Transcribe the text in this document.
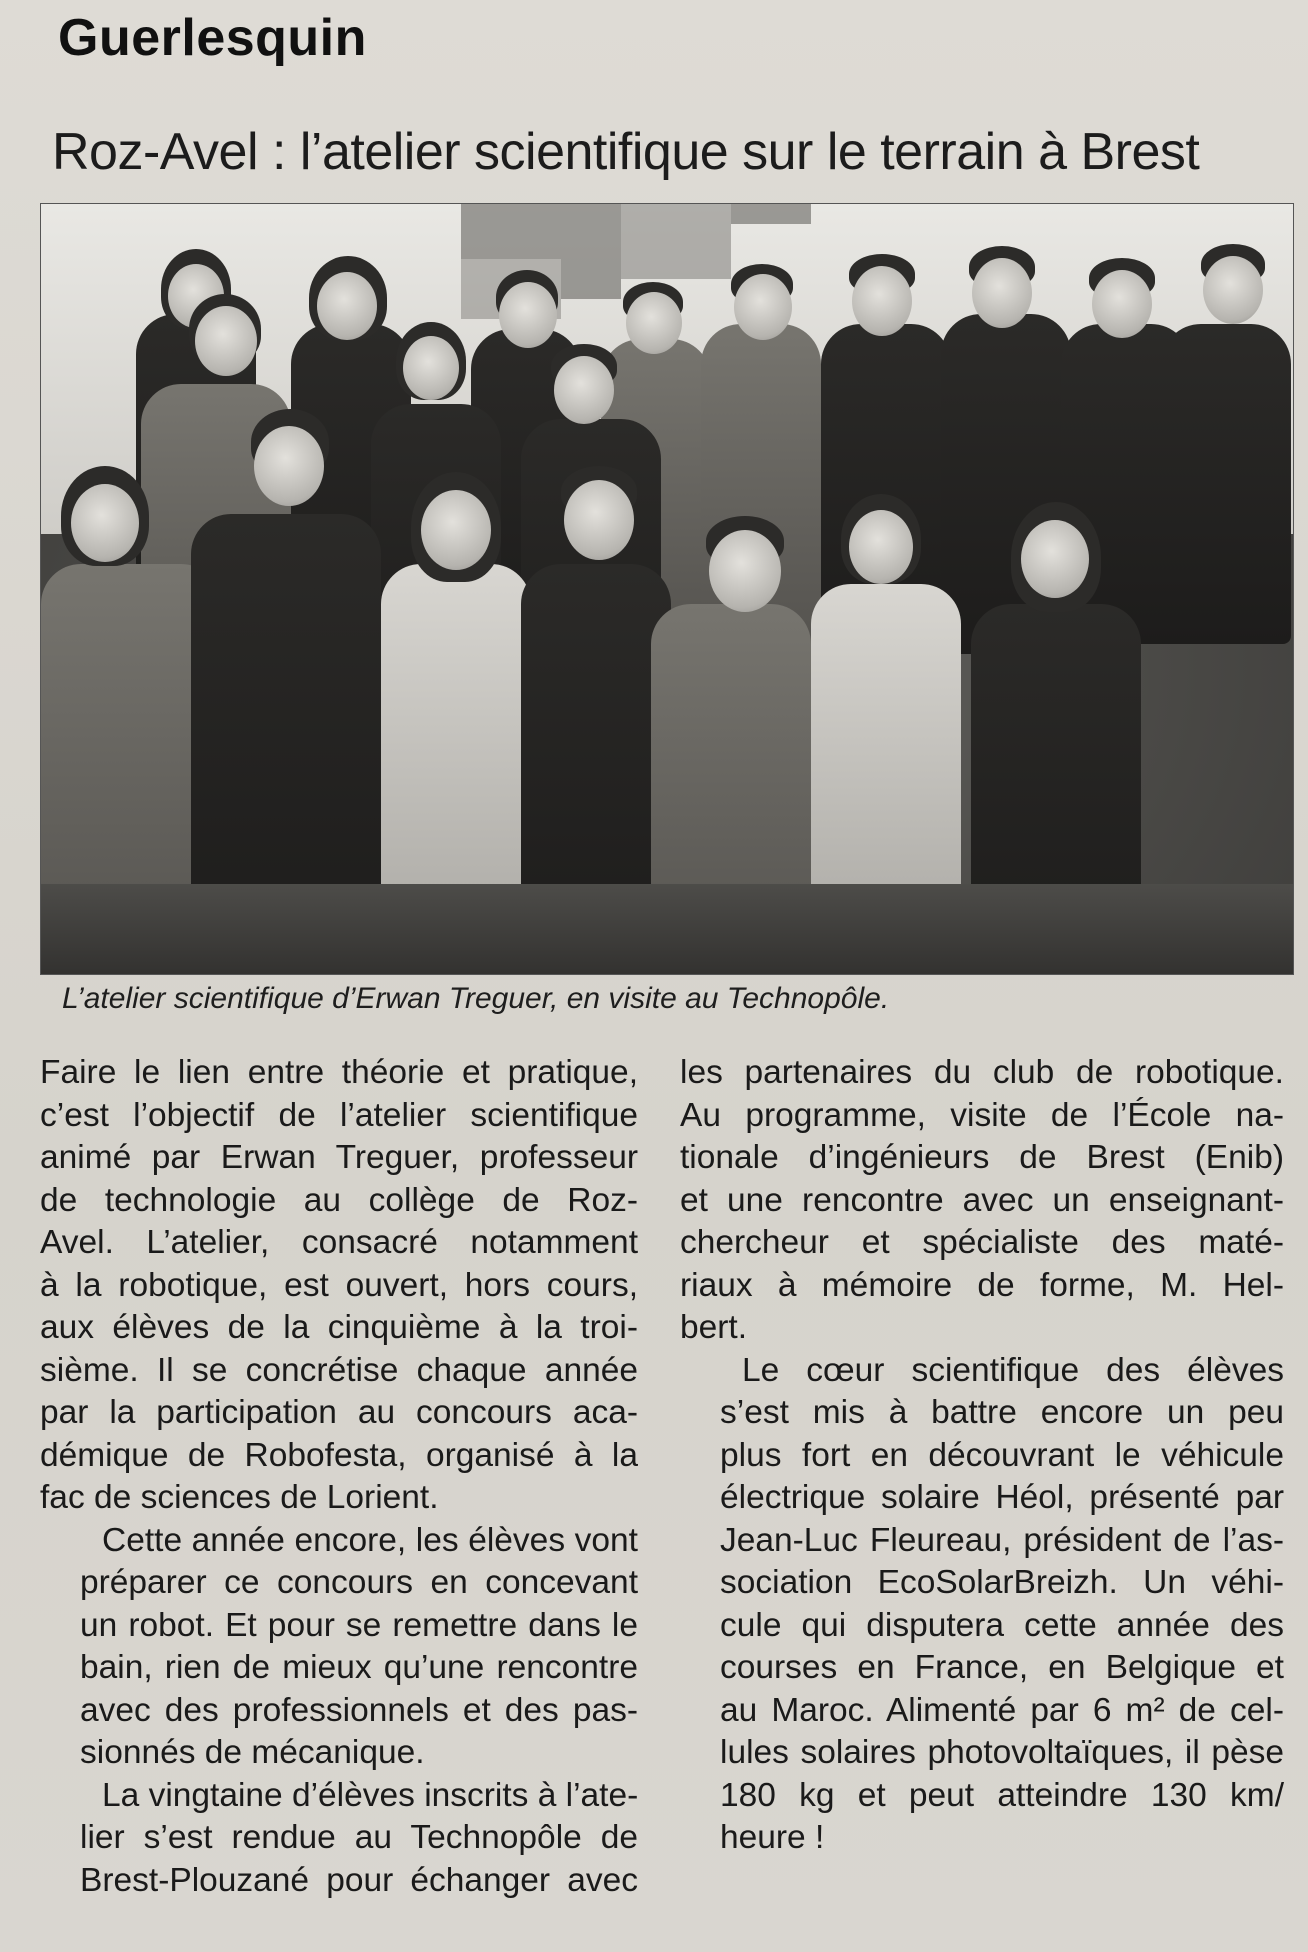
Guerlesquin
Roz-Avel : l’atelier scientifique sur le terrain à Brest
L’atelier scientifique d’Erwan Treguer, en visite au Technopôle.

Faire le lien entre théorie et pratique,
c’est l’objectif de l’atelier scientifique
animé par Erwan Treguer, professeur
de technologie au collège de Roz-
Avel. L’atelier, consacré notamment
à la robotique, est ouvert, hors cours,
aux élèves de la cinquième à la troi-
sième. Il se concrétise chaque année
par la participation au concours aca-
démique de Robofesta, organisé à la
fac de sciences de Lorient.

Cette année encore, les élèves vont
préparer ce concours en concevant
un robot. Et pour se remettre dans le
bain, rien de mieux qu’une rencontre
avec des professionnels et des pas-
sionnés de mécanique.

La vingtaine d’élèves inscrits à l’ate-
lier s’est rendue au Technopôle de
Brest-Plouzané pour échanger avec

les partenaires du club de robotique.
Au programme, visite de l’École na-
tionale d’ingénieurs de Brest (Enib)
et une rencontre avec un enseignant-
chercheur et spécialiste des maté-
riaux à mémoire de forme, M. Hel-
bert.

Le cœur scientifique des élèves
s’est mis à battre encore un peu
plus fort en découvrant le véhicule
électrique solaire Héol, présenté par
Jean-Luc Fleureau, président de l’as-
sociation EcoSolarBreizh. Un véhi-
cule qui disputera cette année des
courses en France, en Belgique et
au Maroc. Alimenté par 6 m² de cel-
lules solaires photovoltaïques, il pèse
180 kg et peut atteindre 130 km/
heure !
